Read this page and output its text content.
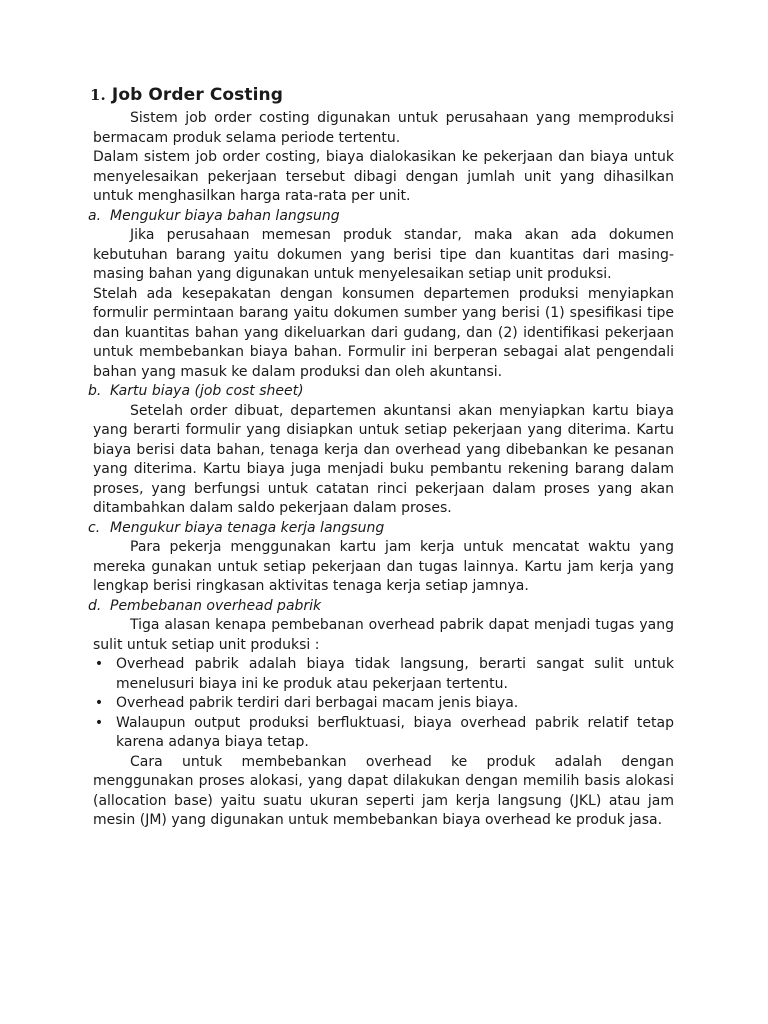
1. Job Order Costing

Sistem job order costing digunakan untuk perusahaan yang memproduksi bermacam produk selama periode tertentu.

Dalam sistem job order costing, biaya dialokasikan ke pekerjaan dan biaya untuk menyelesaikan pekerjaan tersebut dibagi dengan jumlah unit yang dihasilkan untuk menghasilkan harga rata-rata per unit.

a. Mengukur biaya bahan langsung

Jika perusahaan memesan produk standar, maka akan ada dokumen kebutuhan barang yaitu dokumen yang berisi tipe dan kuantitas dari masing-masing bahan yang digunakan untuk menyelesaikan setiap unit produksi.

Stelah ada kesepakatan dengan konsumen departemen produksi menyiapkan formulir permintaan barang yaitu dokumen sumber yang berisi (1) spesifikasi tipe dan kuantitas bahan yang dikeluarkan dari gudang, dan (2) identifikasi pekerjaan untuk membebankan biaya bahan. Formulir ini berperan sebagai alat pengendali bahan yang masuk ke dalam produksi dan oleh akuntansi.

b. Kartu biaya (job cost sheet)

Setelah order dibuat, departemen akuntansi akan menyiapkan kartu biaya yang berarti formulir yang disiapkan untuk setiap pekerjaan yang diterima. Kartu biaya berisi data bahan, tenaga kerja dan overhead yang dibebankan ke pesanan yang diterima. Kartu biaya juga menjadi buku pembantu rekening barang dalam proses, yang berfungsi untuk catatan rinci pekerjaan dalam proses yang akan ditambahkan dalam saldo pekerjaan dalam proses.

c. Mengukur biaya tenaga kerja langsung

Para pekerja menggunakan kartu jam kerja untuk mencatat waktu yang mereka gunakan untuk setiap pekerjaan dan tugas lainnya. Kartu jam kerja yang lengkap berisi ringkasan aktivitas tenaga kerja setiap jamnya.

d. Pembebanan overhead pabrik

Tiga alasan kenapa pembebanan overhead pabrik dapat menjadi tugas yang sulit untuk setiap unit produksi :

•
Overhead pabrik adalah biaya tidak langsung, berarti sangat sulit untuk menelusuri biaya ini ke produk atau pekerjaan tertentu.
•
Overhead pabrik terdiri dari berbagai macam jenis biaya.
•
Walaupun output produksi berfluktuasi, biaya overhead pabrik relatif tetap karena adanya biaya tetap.

Cara untuk membebankan overhead ke produk adalah dengan menggunakan proses alokasi, yang dapat dilakukan dengan memilih basis alokasi (allocation base) yaitu suatu ukuran seperti jam kerja langsung (JKL) atau jam mesin (JM) yang digunakan untuk membebankan biaya overhead ke produk jasa.
